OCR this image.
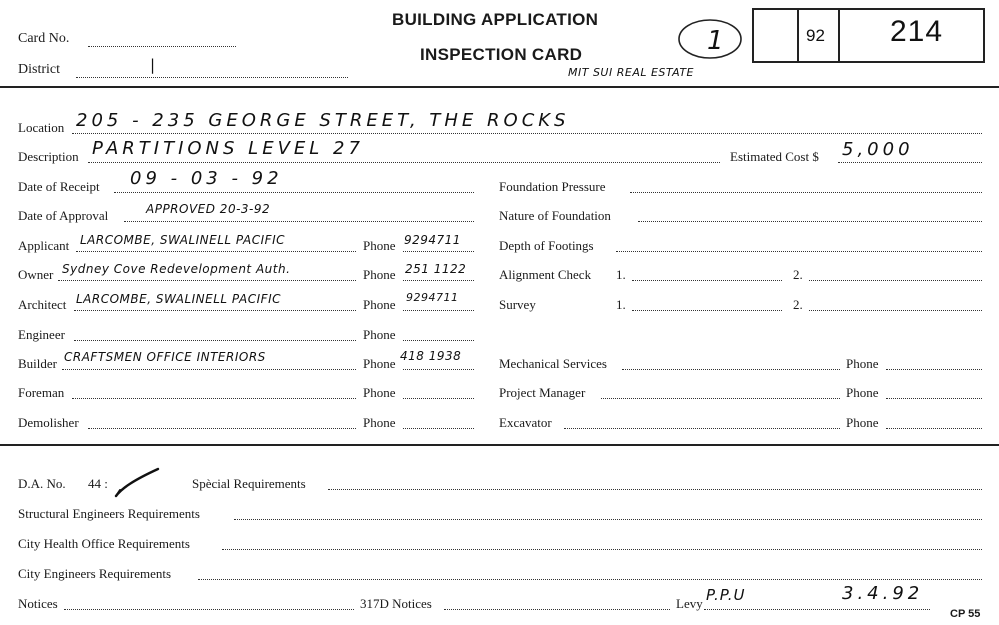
Card No.
District	|
BUILDING APPLICATION
INSPECTION CARD
MIT SUI REAL ESTATE
1	92 214
Location 205 - 235 GEORGE STREET, THE ROCKS
Description PARTITIONS LEVEL 27	Estimated Cost $ 5,000
Date of Receipt 09 - 03 - 92
Date of Approval	APPROVED 20-3-92
Applicant LARCOMBE, SWALINELL PACIFIC	Phone 9294711
Owner Sydney Cove Redevelopment Auth.	Phone 251 1122
Architect LARCOMBE, SWALINELL PACIFIC	Phone 9294711
Engineer	Phone
Builder CRAFTSMEN OFFICE INTERIORS	Phone 418 1938
Foreman	Phone
Demolisher	Phone
Foundation Pressure
Nature of Foundation
Depth of Footings
Alignment Check 1.	2.
Survey	1.	2.
Mechanical Services	Phone
Project Manager	Phone
Excavator	Phone
D.A. No. 44 :	Spècial Requirements
Structural Engineers Requirements
City Health Office Requirements
City Engineers Requirements
Notices	317D Notices	Levy P.P.U	3.4.92
CP 55
